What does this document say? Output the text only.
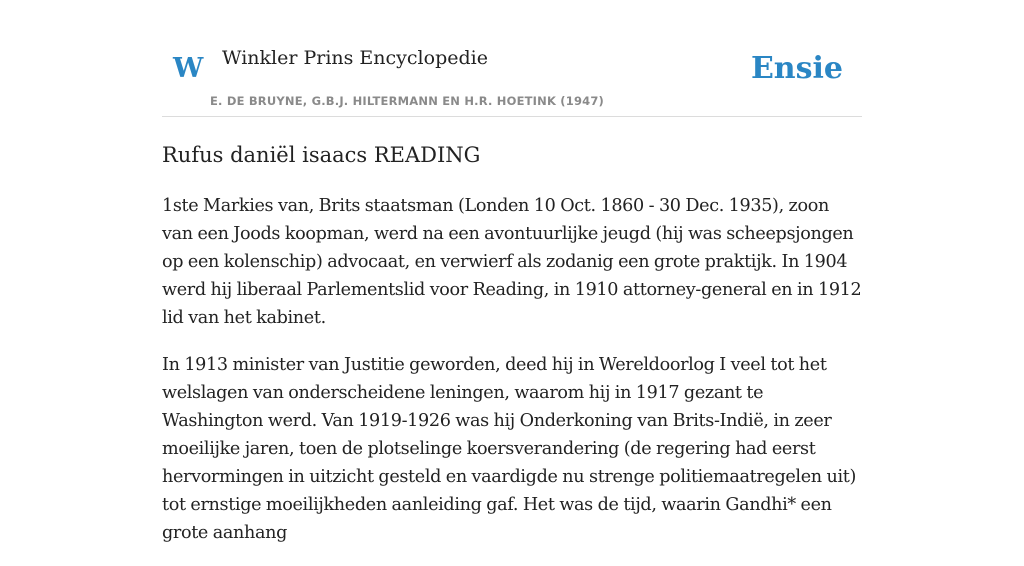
W Winkler Prins Encyclopedie
E. DE BRUYNE, G.B.J. HILTERMANN EN H.R. HOETINK (1947)
Ensie
Rufus daniël isaacs READING

1ste Markies van, Brits staatsman (Londen 10 Oct. 1860 - 30 Dec. 1935), zoon van een Joods koopman, werd na een avontuurlijke jeugd (hij was scheepsjongen op een kolenschip) advocaat, en verwierf als zodanig een grote praktijk. In 1904 werd hij liberaal Parlementslid voor Reading, in 1910 attorney-general en in 1912 lid van het kabinet.

In 1913 minister van Justitie geworden, deed hij in Wereldoorlog I veel tot het welslagen van onderscheidene leningen, waarom hij in 1917 gezant te Washington werd. Van 1919-1926 was hij Onderkoning van Brits-Indië, in zeer moeilijke jaren, toen de plotselinge koersverandering (de regering had eerst hervormingen in uitzicht gesteld en vaardigde nu strenge politiemaatregelen uit) tot ernstige moeilijkheden aanleiding gaf. Het was de tijd, waarin Gandhi* een grote aanhang
